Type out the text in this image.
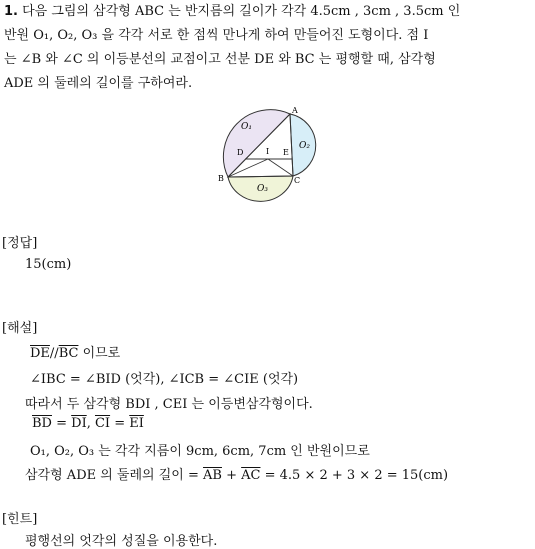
1. 다음 그림의 삼각형 ABC 는 반지름의 길이가 각각 4.5cm , 3cm , 3.5cm 인
반원 O₁, O₂, O₃ 을 각각 서로 한 점씩 만나게 하여 만들어진 도형이다. 점 I
는 ∠B 와 ∠C 의 이등분선의 교점이고 선분 DE 와 BC 는 평행할 때, 삼각형
ADE 의 둘레의 길이를 구하여라.
A
B	C
D	E
I
O₁
O₂
O₃
[정답]
15(cm)
[해설]
$\overline{DE}//\overline{BC}$ 이므로
∠IBC = ∠BID (엇각), ∠ICB = ∠CIE (엇각)
따라서 두 삼각형 BDI , CEI 는 이등변삼각형이다.
$\overline{BD} = \overline{DI}$, $\overline{CI} = \overline{EI}$
O₁, O₂, O₃ 는 각각 지름이 9cm, 6cm, 7cm 인 반원이므로
삼각형 ADE 의 둘레의 길이 = $\overline{AB} + \overline{AC} = 4.5 \times 2 + 3 \times 2 = 15(cm)$
[힌트]
평행선의 엇각의 성질을 이용한다.
